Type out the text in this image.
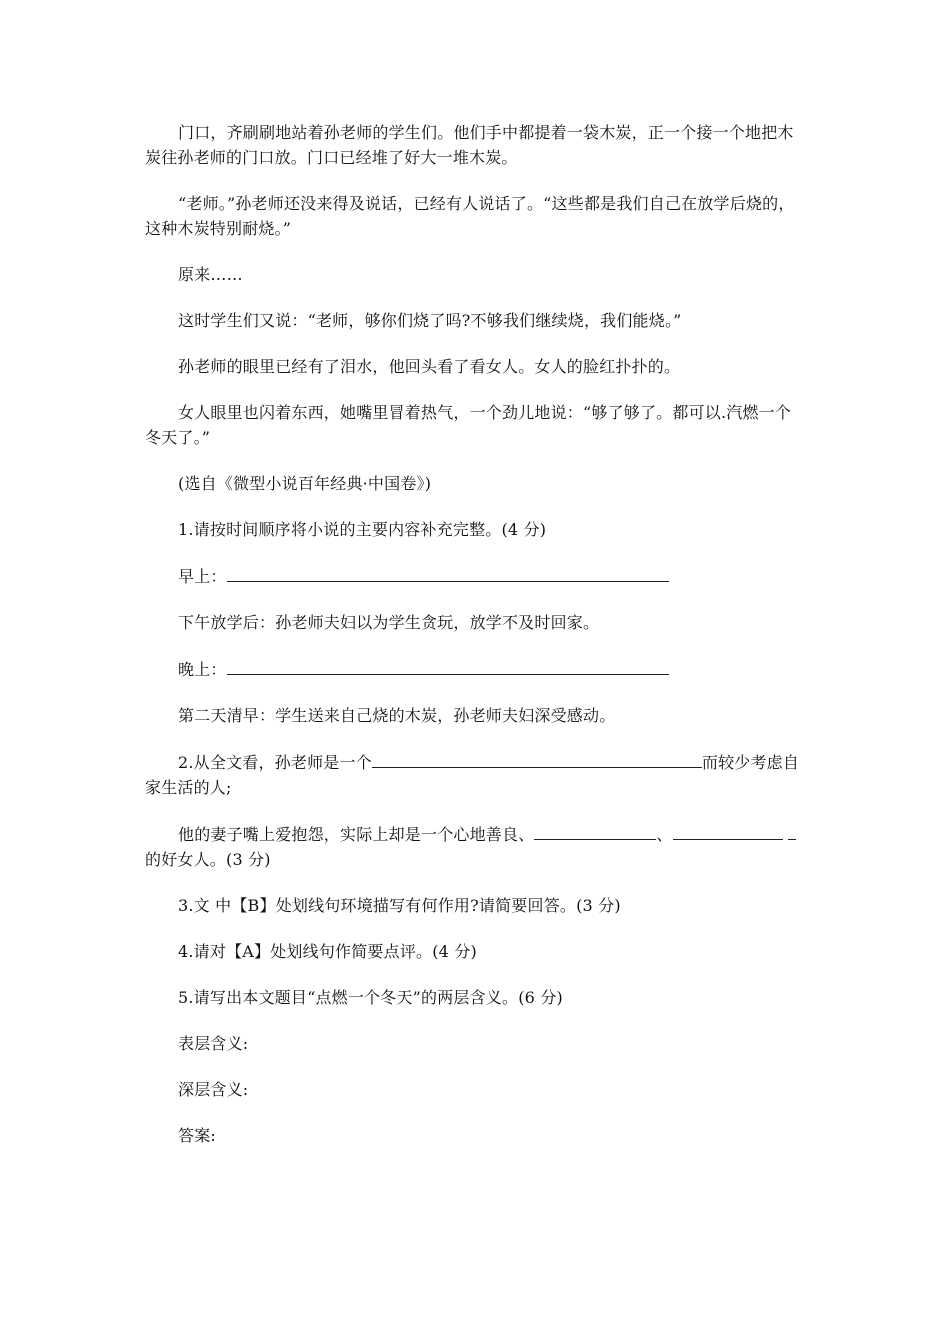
门口，齐刷刷地站着孙老师的学生们。他们手中都提着一袋木炭，正一个接一个地把木炭往孙老师的门口放。门口已经堆了好大一堆木炭。

“老师。”孙老师还没来得及说话，已经有人说话了。“这些都是我们自己在放学后烧的，这种木炭特别耐烧。”

原来……

这时学生们又说：“老师，够你们烧了吗?不够我们继续烧，我们能烧。”

孙老师的眼里已经有了泪水，他回头看了看女人。女人的脸红扑扑的。

女人眼里也闪着东西，她嘴里冒着热气，一个劲儿地说：“够了够了。都可以.汽燃一个冬天了。”

(选自《微型小说百年经典·中国卷》)

1.请按时间顺序将小说的主要内容补充完整。(4 分)

早上：

下午放学后：孙老师夫妇以为学生贪玩，放学不及时回家。

晚上：

第二天清早：学生送来自己烧的木炭，孙老师夫妇深受感动。

2.从全文看，孙老师是一个	而较少考虑自家生活的人;

他的妻子嘴上爱抱怨，实际上却是一个心地善良、	、 的好女人。(3 分)

3.文 中【B】处划线句环境描写有何作用?请简要回答。(3 分)

4.请对【A】处划线句作简要点评。(4 分)

5.请写出本文题目“点燃一个冬天”的两层含义。(6 分)

表层含义:

深层含义:

答案:
